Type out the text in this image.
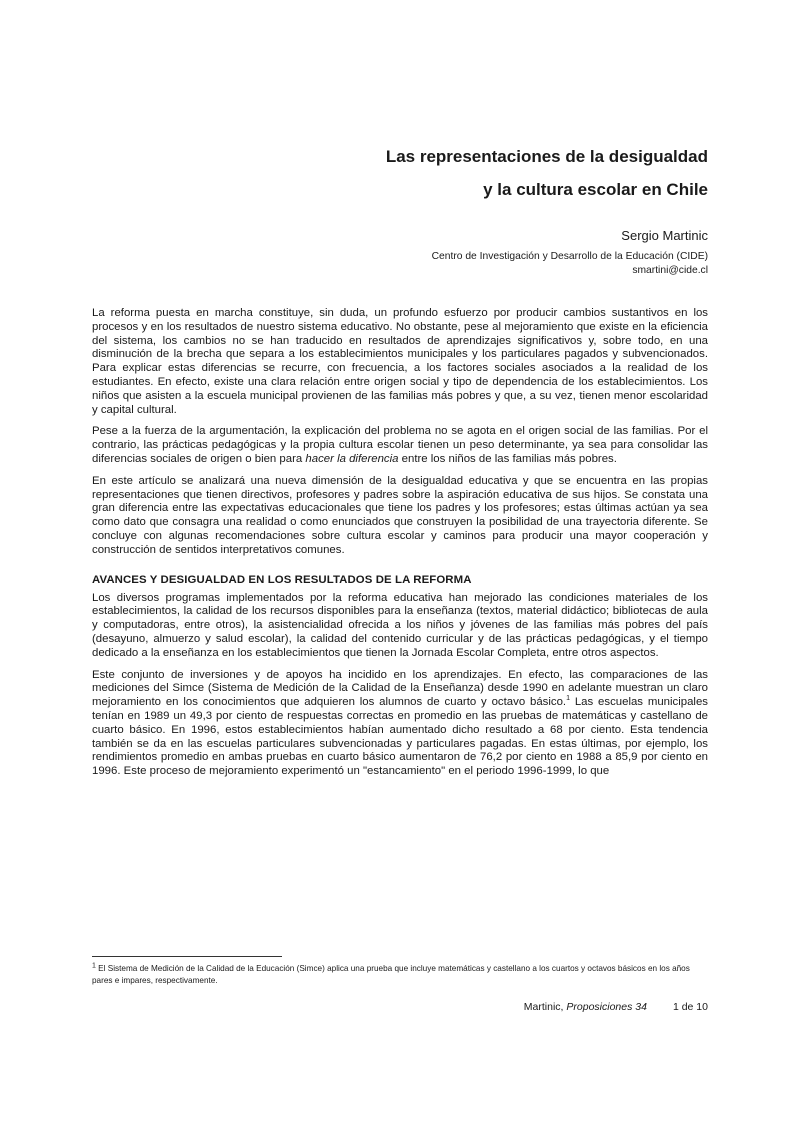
Las representaciones de la desigualdad
y la cultura escolar en Chile
Sergio Martinic
Centro de Investigación y Desarrollo de la Educación (CIDE)
smartini@cide.cl

La reforma puesta en marcha constituye, sin duda, un profundo esfuerzo por producir cambios sustantivos en los procesos y en los resultados de nuestro sistema educativo. No obstante, pese al mejoramiento que existe en la eficiencia del sistema, los cambios no se han traducido en resultados de aprendizajes significativos y, sobre todo, en una disminución de la brecha que separa a los establecimientos municipales y los particulares pagados y subvencionados. Para explicar estas diferencias se recurre, con frecuencia, a los factores sociales asociados a la realidad de los estudiantes. En efecto, existe una clara relación entre origen social y tipo de dependencia de los establecimientos. Los niños que asisten a la escuela municipal provienen de las familias más pobres y que, a su vez, tienen menor escolaridad y capital cultural.

Pese a la fuerza de la argumentación, la explicación del problema no se agota en el origen social de las familias. Por el contrario, las prácticas pedagógicas y la propia cultura escolar tienen un peso determinante, ya sea para consolidar las diferencias sociales de origen o bien para hacer la diferencia entre los niños de las familias más pobres.

En este artículo se analizará una nueva dimensión de la desigualdad educativa y que se encuentra en las propias representaciones que tienen directivos, profesores y padres sobre la aspiración educativa de sus hijos. Se constata una gran diferencia entre las expectativas educacionales que tiene los padres y los profesores; estas últimas actúan ya sea como dato que consagra una realidad o como enunciados que construyen la posibilidad de una trayectoria diferente. Se concluye con algunas recomendaciones sobre cultura escolar y caminos para producir una mayor cooperación y construcción de sentidos interpretativos comunes.

AVANCES Y DESIGUALDAD EN LOS RESULTADOS DE LA REFORMA

Los diversos programas implementados por la reforma educativa han mejorado las condiciones materiales de los establecimientos, la calidad de los recursos disponibles para la enseñanza (textos, material didáctico; bibliotecas de aula y computadoras, entre otros), la asistencialidad ofrecida a los niños y jóvenes de las familias más pobres del país (desayuno, almuerzo y salud escolar), la calidad del contenido curricular y de las prácticas pedagógicas, y el tiempo dedicado a la enseñanza en los establecimientos que tienen la Jornada Escolar Completa, entre otros aspectos.

Este conjunto de inversiones y de apoyos ha incidido en los aprendizajes. En efecto, las comparaciones de las mediciones del Simce (Sistema de Medición de la Calidad de la Enseñanza) desde 1990 en adelante muestran un claro mejoramiento en los conocimientos que adquieren los alumnos de cuarto y octavo básico.$^1$ Las escuelas municipales tenían en 1989 un 49,3 por ciento de respuestas correctas en promedio en las pruebas de matemáticas y castellano de cuarto básico. En 1996, estos establecimientos habían aumentado dicho resultado a 68 por ciento. Esta tendencia también se da en las escuelas particulares subvencionadas y particulares pagadas. En estas últimas, por ejemplo, los rendimientos promedio en ambas pruebas en cuarto básico aumentaron de 76,2 por ciento en 1988 a 85,9 por ciento en 1996. Este proceso de mejoramiento experimentó un "estancamiento" en el periodo 1996-1999, lo que

$^1$ El Sistema de Medición de la Calidad de la Educación (Simce) aplica una prueba que incluye matemáticas y castellano a los cuartos y octavos básicos en los años pares e impares, respectivamente.
Martinic, Proposiciones 34 1 de 10
